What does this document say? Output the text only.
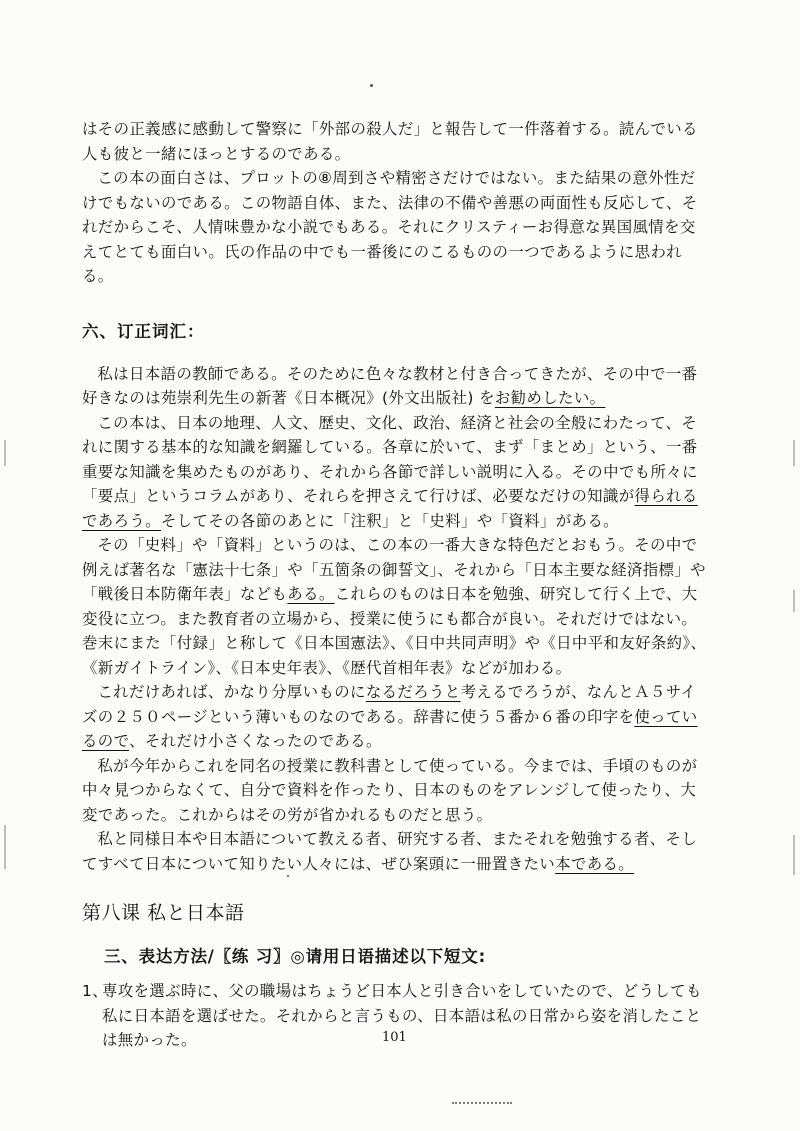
はその正義感に感動して警察に「外部の殺人だ」と報告して一件落着する。読んでいる人も彼と一緒にほっとするのである。

この本の面白さは、プロットの⑧周到さや精密さだけではない。また結果の意外性だけでもないのである。この物語自体、また、法律の不備や善悪の両面性も反応して、それだからこそ、人情味豊かな小説でもある。それにクリスティーお得意な異国風情を交えてとても面白い。氏の作品の中でも一番後にのこるものの一つであるように思われる。

六、订正词汇：

私は日本語の教師である。そのために色々な教材と付き合ってきたが、その中で一番好きなのは苑崇利先生の新著《日本概况》(外文出版社) をお勧めしたい。

この本は、日本の地理、人文、歴史、文化、政治、経済と社会の全般にわたって、それに関する基本的な知識を網羅している。各章に於いて、まず「まとめ」という、一番重要な知識を集めたものがあり、それから各節で詳しい説明に入る。その中でも所々に「要点」というコラムがあり、それらを押さえて行けば、必要なだけの知識が得られるであろう。そしてその各節のあとに「注釈」と「史料」や「資料」がある。

その「史料」や「資料」というのは、この本の一番大きな特色だとおもう。その中で例えば著名な「憲法十七条」や「五箇条の御誓文」、それから「日本主要な経済指標」や「戦後日本防衛年表」などもある。これらのものは日本を勉強、研究して行く上で、大変役に立つ。また教育者の立場から、授業に使うにも都合が良い。それだけではない。巻末にまた「付録」と称して《日本国憲法》、《日中共同声明》や《日中平和友好条約》、《新ガイトライン》、《日本史年表》、《歴代首相年表》などが加わる。

これだけあれば、かなり分厚いものになるだろうと考えるでろうが、なんとＡ５サイズの２５０ページという薄いものなのである。辞書に使う５番か６番の印字を使っているので、それだけ小さくなったのである。

私が今年からこれを同名の授業に教科書として使っている。今までは、手頃のものが中々見つからなくて、自分で資料を作ったり、日本のものをアレンジして使ったり、大変であった。これからはその労が省かれるものだと思う。

私と同様日本や日本語について教える者、研究する者、またそれを勉強する者、そしてすべて日本について知りたい人々には、ぜひ案頭に一冊置きたい本である。

第八课 私と日本語
三、表达方法/〖练 习〗◎请用日语描述以下短文:
1、
専攻を選ぶ時に、父の職場はちょうど日本人と引き合いをしていたので、どうしても私に日本語を選ばせた。それからと言うもの、日本語は私の日常から姿を消したことは無かった。	101
